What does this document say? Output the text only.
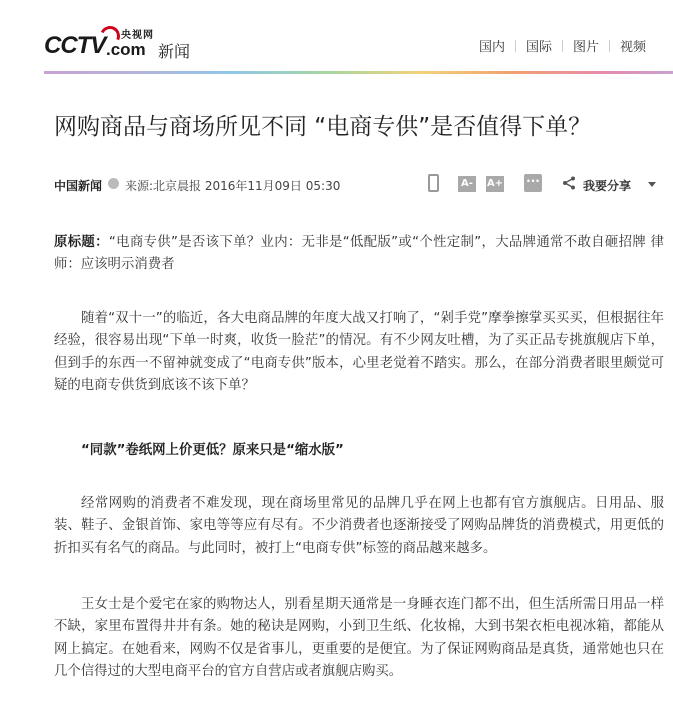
CCTV .com
央视网
新闻	国内	国际	图片	视频
网购商品与商场所见不同 “电商专供”是否值得下单？
中国新闻 来源:北京晨报 2016年11月09日 05:30	A-	A+ ···	我要分享

原标题：“电商专供”是否该下单？业内：无非是“低配版”或“个性定制”，大品牌通常不敢自砸招牌 律师：应该明示消费者

随着“双十一”的临近，各大电商品牌的年度大战又打响了，“剁手党”摩拳擦掌买买买，但根据往年经验，很容易出现“下单一时爽，收货一脸茫”的情况。有不少网友吐槽，为了买正品专挑旗舰店下单，但到手的东西一不留神就变成了“电商专供”版本，心里老觉着不踏实。那么，在部分消费者眼里颇觉可疑的电商专供货到底该不该下单？

“同款”卷纸网上价更低？原来只是“缩水版”

经常网购的消费者不难发现，现在商场里常见的品牌几乎在网上也都有官方旗舰店。日用品、服装、鞋子、金银首饰、家电等等应有尽有。不少消费者也逐渐接受了网购品牌货的消费模式，用更低的折扣买有名气的商品。与此同时，被打上“电商专供”标签的商品越来越多。

王女士是个爱宅在家的购物达人，别看星期天通常是一身睡衣连门都不出，但生活所需日用品一样不缺，家里布置得井井有条。她的秘诀是网购，小到卫生纸、化妆棉，大到书架衣柜电视冰箱，都能从网上搞定。在她看来，网购不仅是省事儿，更重要的是便宜。为了保证网购商品是真货，通常她也只在几个信得过的大型电商平台的官方自营店或者旗舰店购买。
